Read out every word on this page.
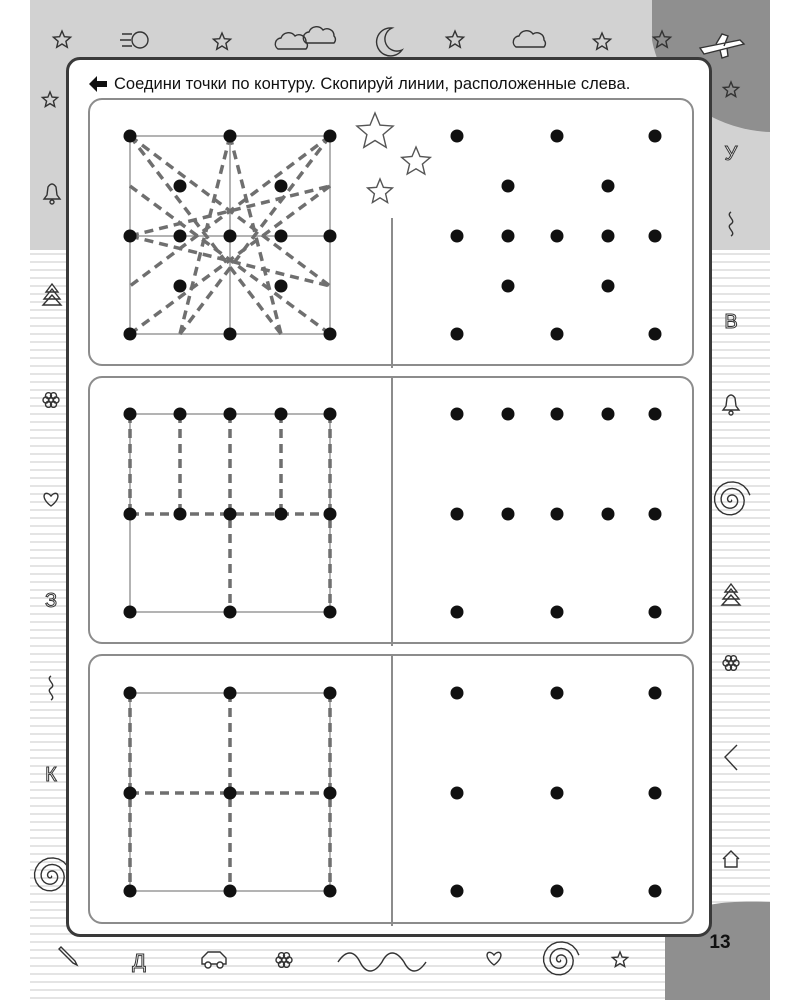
З
К
У
В
Д
Соедини точки по контуру. Скопируй линии, расположенные слева.
13
